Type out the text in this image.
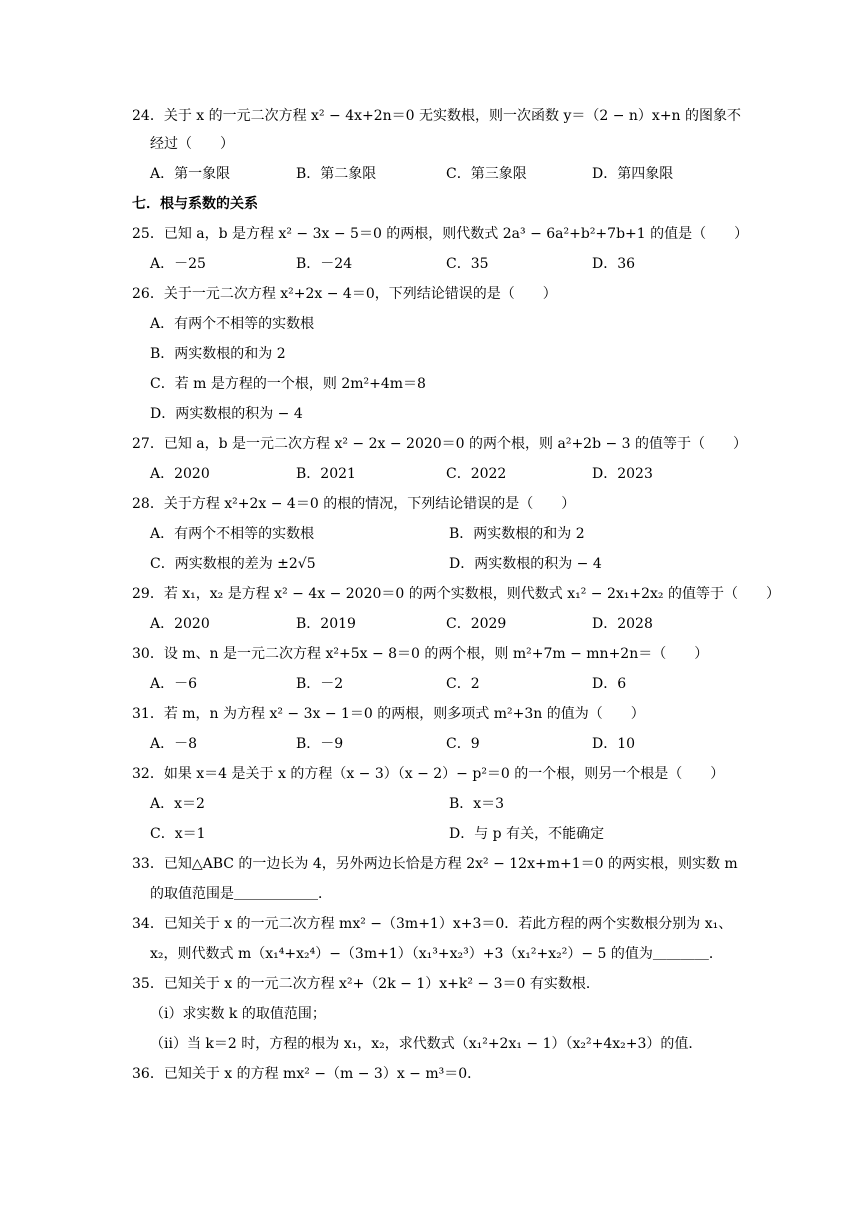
24．关于 x 的一元二次方程 x² − 4x+2n＝0 无实数根，则一次函数 y＝（2 − n）x+n 的图象不
经过（　　）
A．第一象限	B．第二象限	C．第三象限	D．第四象限
七．根与系数的关系
25．已知 a，b 是方程 x² − 3x − 5＝0 的两根，则代数式 2a³ − 6a²+b²+7b+1 的值是（　　）
A．－25	B．－24	C．35	D．36
26．关于一元二次方程 x²+2x − 4＝0，下列结论错误的是（　　）
A．有两个不相等的实数根
B．两实数根的和为 2
C．若 m 是方程的一个根，则 2m²+4m＝8
D．两实数根的积为 − 4
27．已知 a，b 是一元二次方程 x² − 2x − 2020＝0 的两个根，则 a²+2b − 3 的值等于（　　）
A．2020	B．2021	C．2022	D．2023
28．关于方程 x²+2x − 4＝0 的根的情况，下列结论错误的是（　　）
A．有两个不相等的实数根	B．两实数根的和为 2
C．两实数根的差为 ±2√5	D．两实数根的积为 − 4
29．若 x₁，x₂ 是方程 x² − 4x − 2020＝0 的两个实数根，则代数式 x₁² − 2x₁+2x₂ 的值等于（　　）
A．2020	B．2019	C．2029	D．2028
30．设 m、n 是一元二次方程 x²+5x − 8＝0 的两个根，则 m²+7m − mn+2n＝（　　）
A．－6	B．－2	C．2	D．6
31．若 m，n 为方程 x² − 3x − 1＝0 的两根，则多项式 m²+3n 的值为（　　）
A．－8	B．－9	C．9	D．10
32．如果 x＝4 是关于 x 的方程（x − 3）（x − 2）− p²＝0 的一个根，则另一个根是（　　）
A．x＝2	B．x＝3
C．x＝1	D．与 p 有关，不能确定
33．已知△ABC 的一边长为 4，另外两边长恰是方程 2x² − 12x+m+1＝0 的两实根，则实数 m
的取值范围是＿＿＿＿＿＿．
34．已知关于 x 的一元二次方程 mx² −（3m+1）x+3＝0．若此方程的两个实数根分别为 x₁、
x₂，则代数式 m（x₁⁴+x₂⁴）−（3m+1）（x₁³+x₂³）+3（x₁²+x₂²）− 5 的值为＿＿＿＿．
35．已知关于 x 的一元二次方程 x²+（2k − 1）x+k² − 3＝0 有实数根．
（ⅰ）求实数 k 的取值范围；
（ⅱ）当 k＝2 时，方程的根为 x₁，x₂，求代数式（x₁²+2x₁ − 1）（x₂²+4x₂+3）的值．
36．已知关于 x 的方程 mx² −（m − 3）x − m³＝0．
